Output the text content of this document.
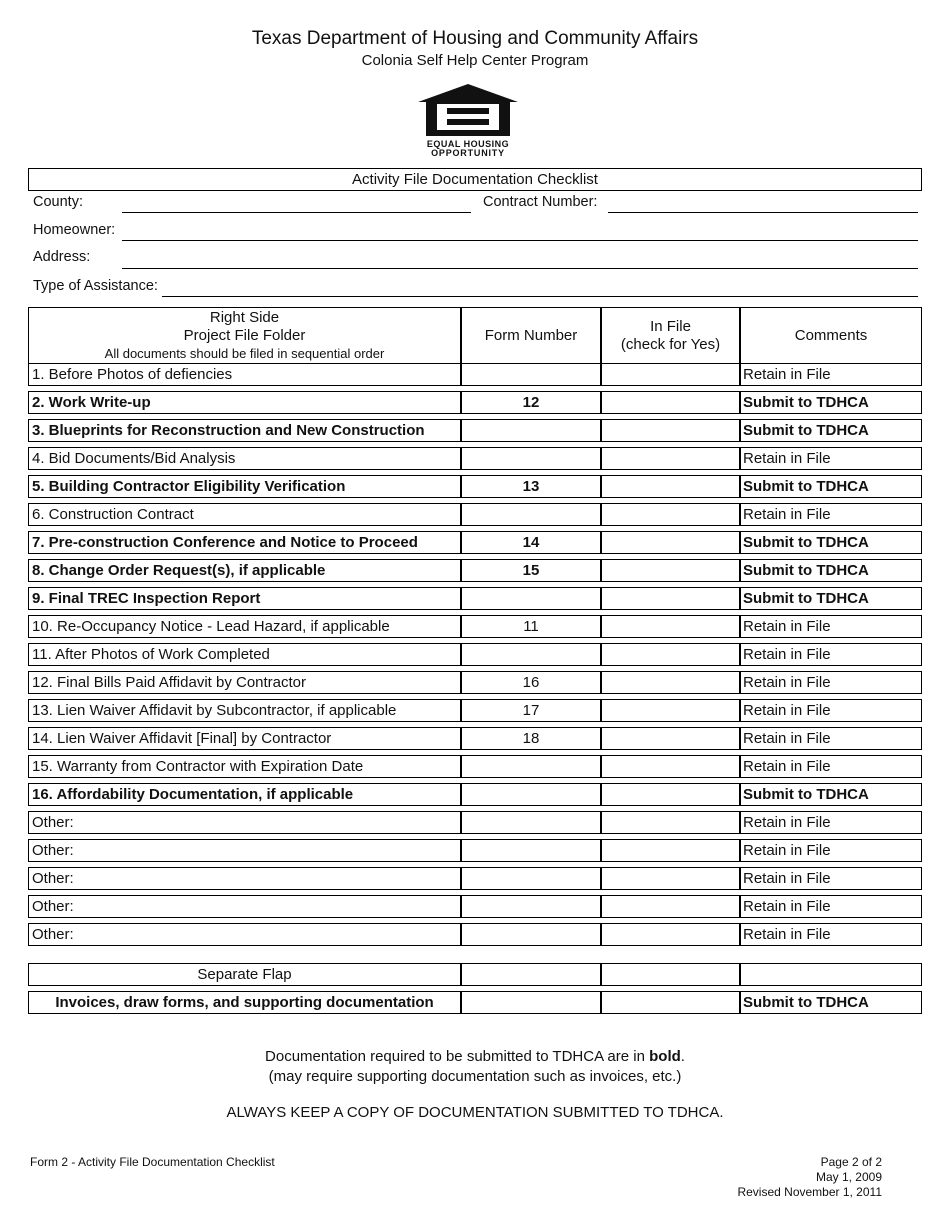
Texas Department of Housing and Community Affairs
Colonia Self Help Center Program
EQUAL HOUSING
OPPORTUNITY
Activity File Documentation Checklist
County:	Contract Number:
Homeowner:
Address:
Type of Assistance:
Right Side
Project File Folder
All documents should be filed in sequential order
Form Number
In File
(check for Yes)
Comments
1. Before Photos of defiencies	Retain in File
2. Work Write-up	12	Submit to TDHCA
3. Blueprints for Reconstruction and New Construction	Submit to TDHCA
4. Bid Documents/Bid Analysis	Retain in File
5. Building Contractor Eligibility Verification	13	Submit to TDHCA
6. Construction Contract	Retain in File
7. Pre-construction Conference and Notice to Proceed	14	Submit to TDHCA
8. Change Order Request(s), if applicable	15	Submit to TDHCA
9. Final TREC Inspection Report	Submit to TDHCA
10. Re-Occupancy Notice - Lead Hazard, if applicable	11	Retain in File
11. After Photos of Work Completed	Retain in File
12. Final Bills Paid Affidavit by Contractor	16	Retain in File
13. Lien Waiver Affidavit by Subcontractor, if applicable	17	Retain in File
14. Lien Waiver Affidavit [Final] by Contractor	18	Retain in File
15. Warranty from Contractor with Expiration Date	Retain in File
16. Affordability Documentation, if applicable	Submit to TDHCA
Other:	Retain in File
Other:	Retain in File
Other:	Retain in File
Other:	Retain in File
Other:	Retain in File
Separate Flap
Invoices, draw forms, and supporting documentation	Submit to TDHCA
Documentation required to be submitted to TDHCA are in bold.
(may require supporting documentation such as invoices, etc.)
ALWAYS KEEP A COPY OF DOCUMENTATION SUBMITTED TO TDHCA.
Form 2 - Activity File Documentation Checklist	Page 2 of 2
May 1, 2009
Revised November 1, 2011
